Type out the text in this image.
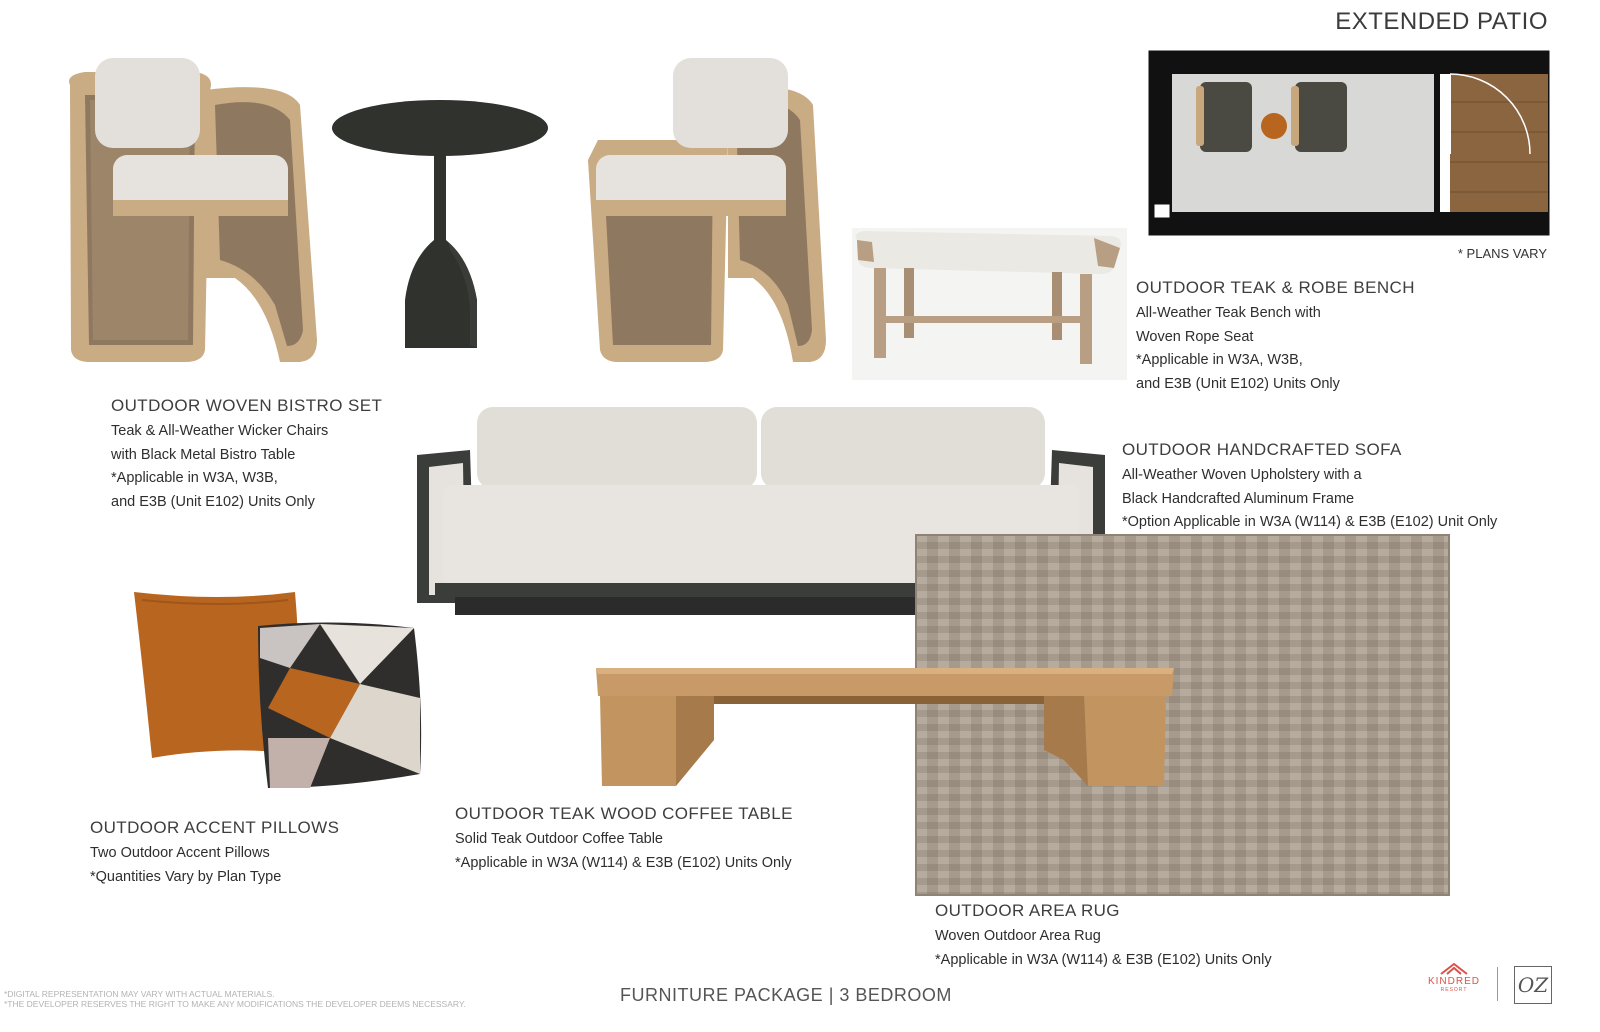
EXTENDED PATIO
* PLANS VARY
OUTDOOR WOVEN BISTRO SET
Teak & All-Weather Wicker Chairs
with Black Metal Bistro Table
*Applicable in W3A, W3B,
and E3B (Unit E102) Units Only
OUTDOOR TEAK & ROBE BENCH
All-Weather Teak Bench with
Woven Rope Seat
*Applicable in W3A, W3B,
and E3B (Unit E102) Units Only
OUTDOOR HANDCRAFTED SOFA
All-Weather Woven Upholstery with a
Black Handcrafted Aluminum Frame
*Option Applicable in W3A (W114) & E3B (E102) Unit Only
OUTDOOR ACCENT PILLOWS
Two Outdoor Accent Pillows
*Quantities Vary by Plan Type
OUTDOOR TEAK WOOD COFFEE TABLE
Solid Teak Outdoor Coffee Table
*Applicable in W3A (W114) & E3B (E102) Units Only
OUTDOOR AREA RUG
Woven Outdoor Area Rug
*Applicable in W3A (W114) & E3B (E102) Units Only
*DIGITAL REPRESENTATION MAY VARY WITH ACTUAL MATERIALS.
*THE DEVELOPER RESERVES THE RIGHT TO MAKE ANY MODIFICATIONS THE DEVELOPER DEEMS NECESSARY.	FURNITURE PACKAGE | 3 BEDROOM
KINDRED
RESORT	OZ
